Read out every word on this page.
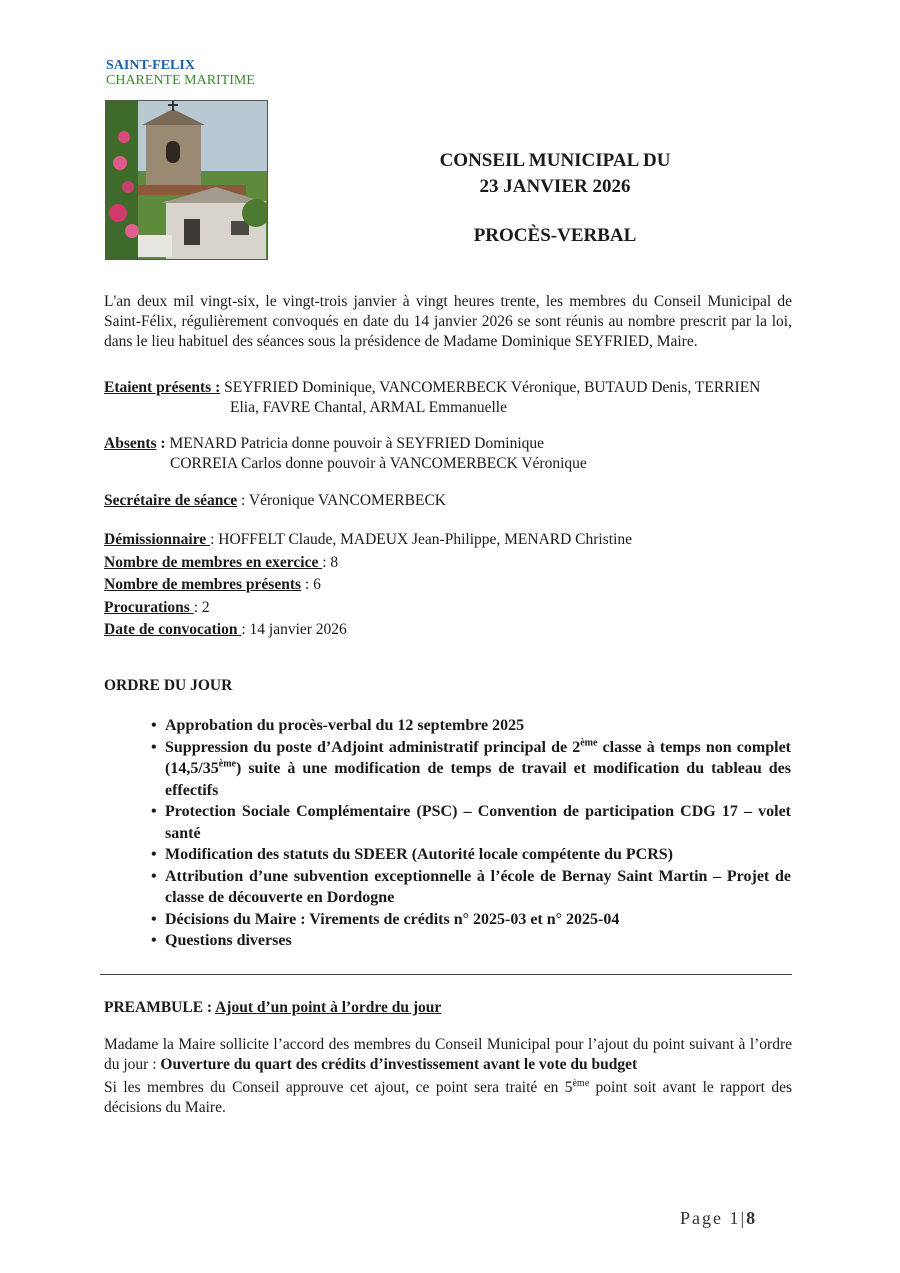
SAINT-FELIX
CHARENTE MARITIME
CONSEIL MUNICIPAL DU
23 JANVIER 2026
PROCÈS-VERBAL
L'an deux mil vingt-six, le vingt-trois janvier à vingt heures trente, les membres du Conseil Municipal de Saint-Félix, régulièrement convoqués en date du 14 janvier 2026 se sont réunis au nombre prescrit par la loi, dans le lieu habituel des séances sous la présidence de Madame Dominique SEYFRIED, Maire.
Etaient présents : SEYFRIED Dominique, VANCOMERBECK Véronique, BUTAUD Denis, TERRIEN
Elia, FAVRE Chantal, ARMAL Emmanuelle
Absents : MENARD Patricia donne pouvoir à SEYFRIED Dominique
CORREIA Carlos donne pouvoir à VANCOMERBECK Véronique
Secrétaire de séance : Véronique VANCOMERBECK
Démissionnaire : HOFFELT Claude, MADEUX Jean-Philippe, MENARD Christine
Nombre de membres en exercice : 8
Nombre de membres présents : 6
Procurations : 2
Date de convocation : 14 janvier 2026
ORDRE DU JOUR
• Approbation du procès-verbal du 12 septembre 2025
• Suppression du poste d’Adjoint administratif principal de 2ème classe à temps non complet (14,5/35ème) suite à une modification de temps de travail et modification du tableau des effectifs
• Protection Sociale Complémentaire (PSC) – Convention de participation CDG 17 – volet santé
• Modification des statuts du SDEER (Autorité locale compétente du PCRS)
• Attribution d’une subvention exceptionnelle à l’école de Bernay Saint Martin – Projet de classe de découverte en Dordogne
• Décisions du Maire : Virements de crédits n° 2025-03 et n° 2025-04
• Questions diverses
PREAMBULE : Ajout d’un point à l’ordre du jour

Madame la Maire sollicite l’accord des membres du Conseil Municipal pour l’ajout du point suivant à l’ordre du jour : Ouverture du quart des crédits d’investissement avant le vote du budget

Si les membres du Conseil approuve cet ajout, ce point sera traité en 5ème point soit avant le rapport des décisions du Maire.

Page 1|8
